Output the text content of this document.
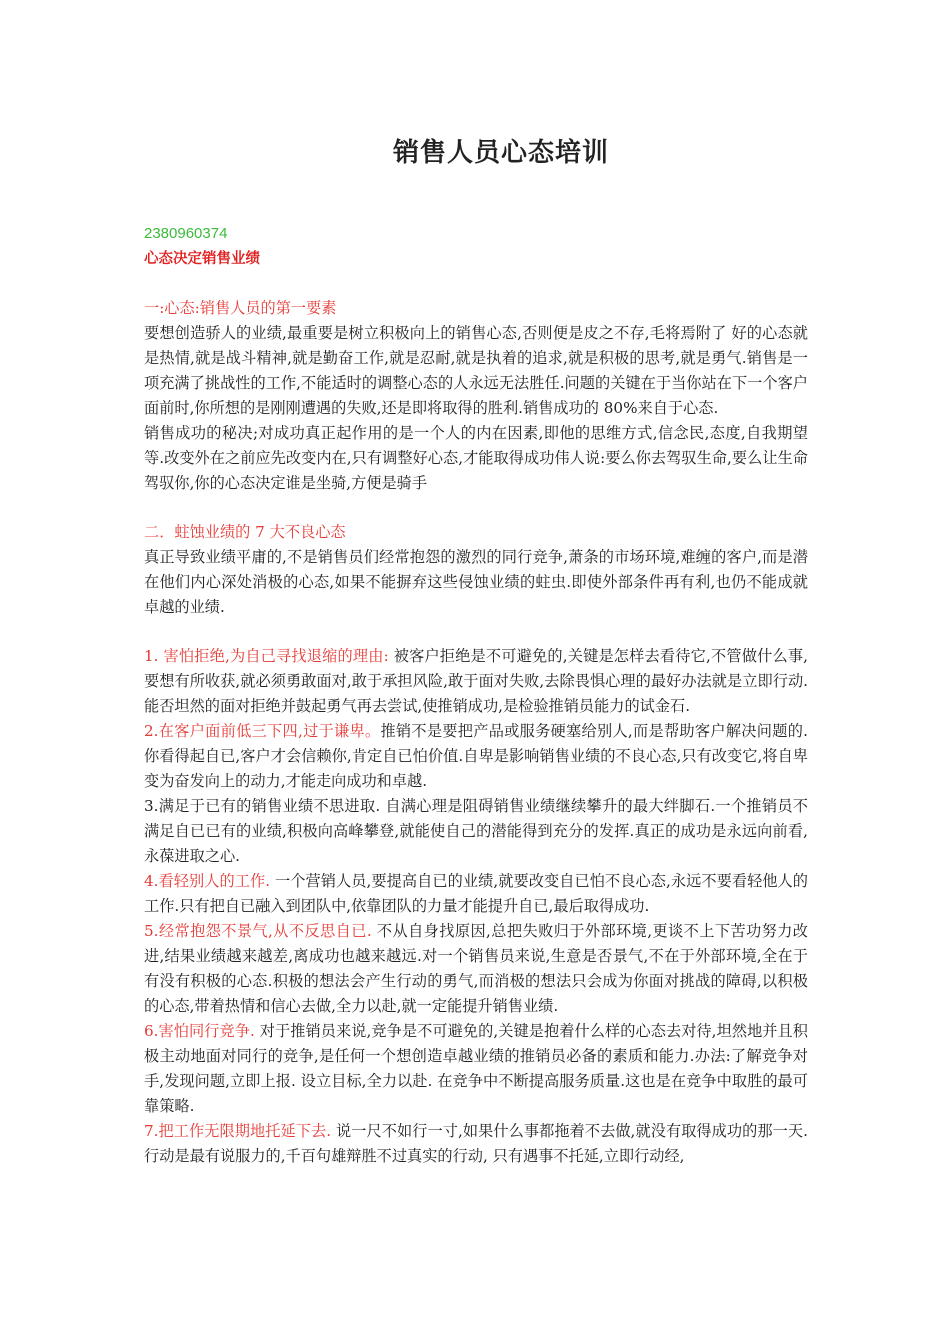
销售人员心态培训
2380960374
心态决定销售业绩

一:心态:销售人员的第一要素

要想创造骄人的业绩,最重要是树立积极向上的销售心态,否则便是皮之不存,毛将焉附了 好的心态就是热情,就是战斗精神,就是勤奋工作,就是忍耐,就是执着的追求,就是积极的思考,就是勇气.销售是一项充满了挑战性的工作,不能适时的调整心态的人永远无法胜任.问题的关键在于当你站在下一个客户面前时,你所想的是刚刚遭遇的失败,还是即将取得的胜利.销售成功的 80%来自于心态.

销售成功的秘决;对成功真正起作用的是一个人的内在因素,即他的思维方式,信念民,态度,自我期望等.改变外在之前应先改变内在,只有调整好心态,才能取得成功伟人说:要么你去驾驭生命,要么让生命驾驭你,你的心态决定谁是坐骑,方便是骑手

二．蛀蚀业绩的 7 大不良心态

真正导致业绩平庸的,不是销售员们经常抱怨的激烈的同行竞争,萧条的市场环境,难缠的客户,而是潜在他们内心深处消极的心态,如果不能摒弃这些侵蚀业绩的蛀虫.即使外部条件再有利,也仍不能成就卓越的业绩.

1. 害怕拒绝,为自己寻找退缩的理由: 被客户拒绝是不可避免的,关键是怎样去看待它,不管做什么事,要想有所收获,就必须勇敢面对,敢于承担风险,敢于面对失败,去除畏惧心理的最好办法就是立即行动.能否坦然的面对拒绝并鼓起勇气再去尝试,使推销成功,是检验推销员能力的试金石.

2.在客户面前低三下四,过于谦卑。推销不是要把产品或服务硬塞给别人,而是帮助客户解决问题的.你看得起自已,客户才会信赖你,肯定自已怕价值.自卑是影响销售业绩的不良心态,只有改变它,将自卑变为奋发向上的动力,才能走向成功和卓越.

3.满足于已有的销售业绩不思进取. 自满心理是阻碍销售业绩继续攀升的最大绊脚石.一个推销员不满足自已已有的业绩,积极向高峰攀登,就能使自己的潜能得到充分的发挥.真正的成功是永远向前看,永葆进取之心.

4.看轻别人的工作. 一个营销人员,要提高自已的业绩,就要改变自已怕不良心态,永远不要看轻他人的工作.只有把自已融入到团队中,依靠团队的力量才能提升自已,最后取得成功.

5.经常抱怨不景气,从不反思自已. 不从自身找原因,总把失败归于外部环境,更谈不上下苦功努力改进,结果业绩越来越差,离成功也越来越远.对一个销售员来说,生意是否景气,不在于外部环境,全在于有没有积极的心态.积极的想法会产生行动的勇气,而消极的想法只会成为你面对挑战的障碍,以积极的心态,带着热情和信心去做,全力以赴,就一定能提升销售业绩.

6.害怕同行竞争. 对于推销员来说,竞争是不可避免的,关键是抱着什么样的心态去对待,坦然地并且积极主动地面对同行的竞争,是任何一个想创造卓越业绩的推销员必备的素质和能力.办法:了解竞争对手,发现问题,立即上报. 设立目标,全力以赴. 在竞争中不断提高服务质量.这也是在竞争中取胜的最可靠策略.

7.把工作无限期地托延下去. 说一尺不如行一寸,如果什么事都拖着不去做,就没有取得成功的那一天.行动是最有说服力的,千百句雄辩胜不过真实的行动, 只有遇事不托延,立即行动经,
